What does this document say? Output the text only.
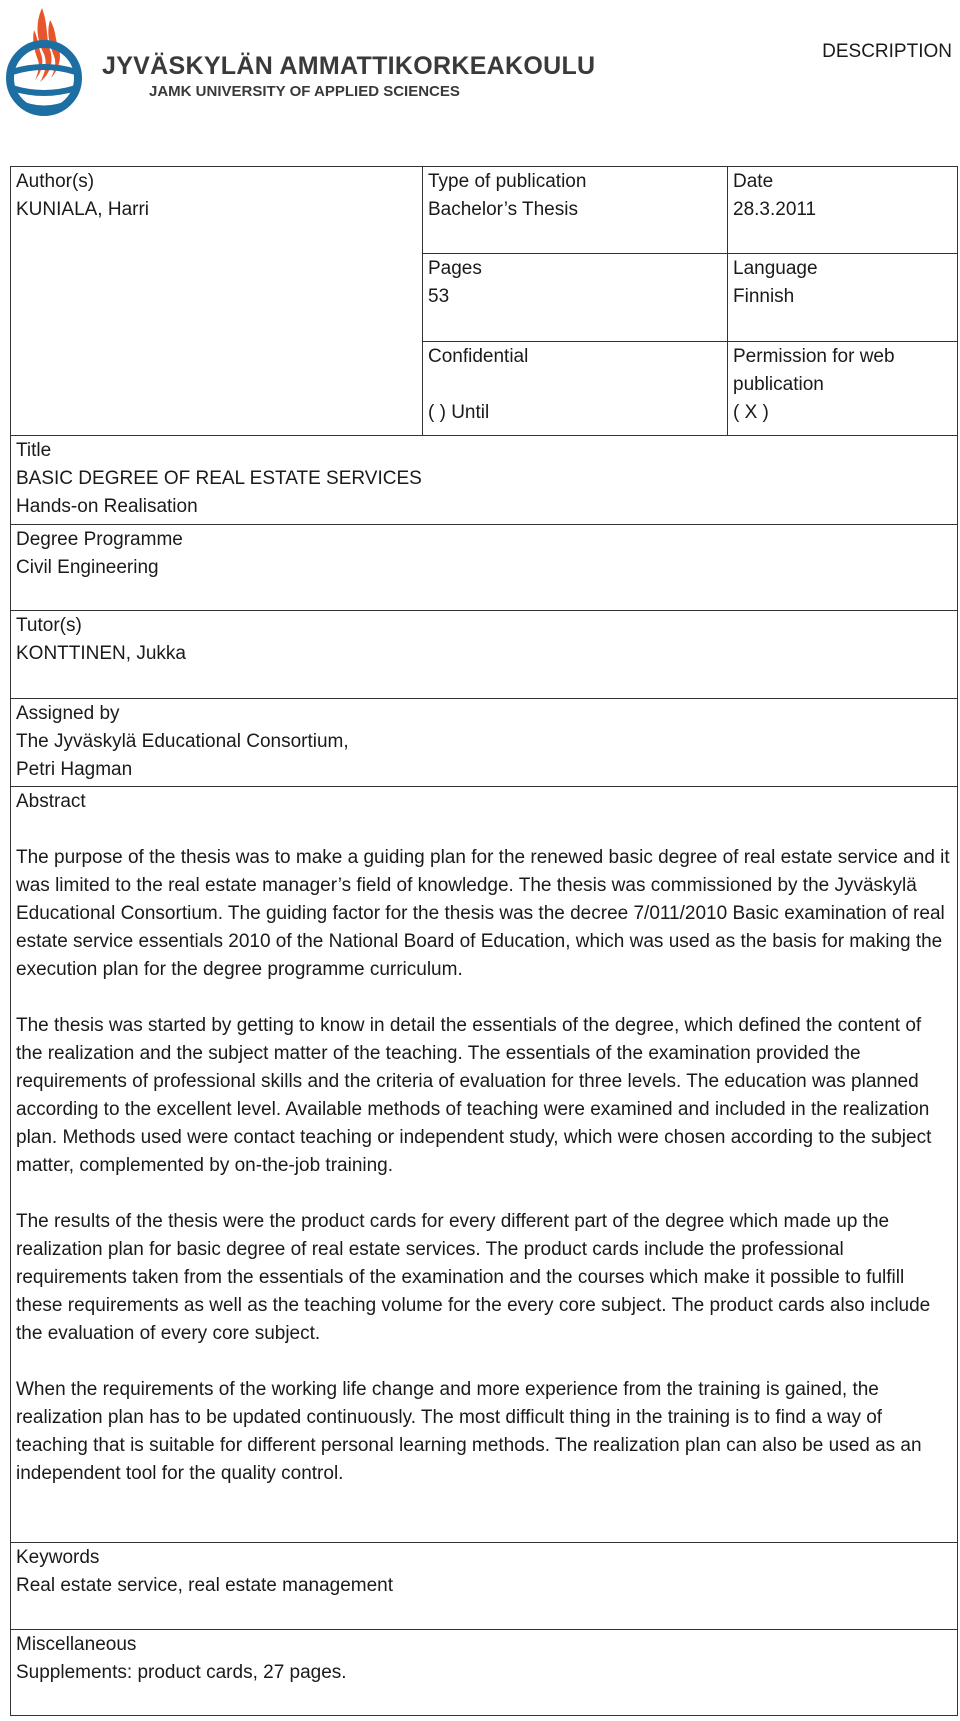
JYVÄSKYLÄN AMMATTIKORKEAKOULU
JAMK UNIVERSITY OF APPLIED SCIENCES
DESCRIPTION
Author(s)
KUNIALA, Harri
Type of publication
Bachelor’s Thesis
Date
28.3.2011
Pages
53
Language
Finnish
Confidential
( ) Until
Permission for web publication
( X )
Title
BASIC DEGREE OF REAL ESTATE SERVICES
Hands-on Realisation
Degree Programme
Civil Engineering
Tutor(s)
KONTTINEN, Jukka
Assigned by
The Jyväskylä Educational Consortium,
Petri Hagman
Abstract

The purpose of the thesis was to make a guiding plan for the renewed basic degree of real estate service and it was limited to the real estate manager’s field of knowledge. The thesis was commissioned by the Jyväskylä Educational Consortium. The guiding factor for the thesis was the decree 7/011/2010 Basic examination of real estate service essentials 2010 of the National Board of Education, which was used as the basis for making the execution plan for the degree programme curriculum.

The thesis was started by getting to know in detail the essentials of the degree, which defined the content of the realization and the subject matter of the teaching. The essentials of the examination provided the requirements of professional skills and the criteria of evaluation for three levels. The education was planned according to the excellent level. Available methods of teaching were examined and included in the realization plan. Methods used were contact teaching or independent study, which were chosen according to the subject matter, complemented by on-the-job training.

The results of the thesis were the product cards for every different part of the degree which made up the realization plan for basic degree of real estate services. The product cards include the professional requirements taken from the essentials of the examination and the courses which make it possible to fulfill these requirements as well as the teaching volume for the every core subject. The product cards also include the evaluation of every core subject.

When the requirements of the working life change and more experience from the training is gained, the realization plan has to be updated continuously. The most difficult thing in the training is to find a way of teaching that is suitable for different personal learning methods. The realization plan can also be used as an independent tool for the quality control.

Keywords
Real estate service, real estate management
Miscellaneous
Supplements: product cards, 27 pages.
